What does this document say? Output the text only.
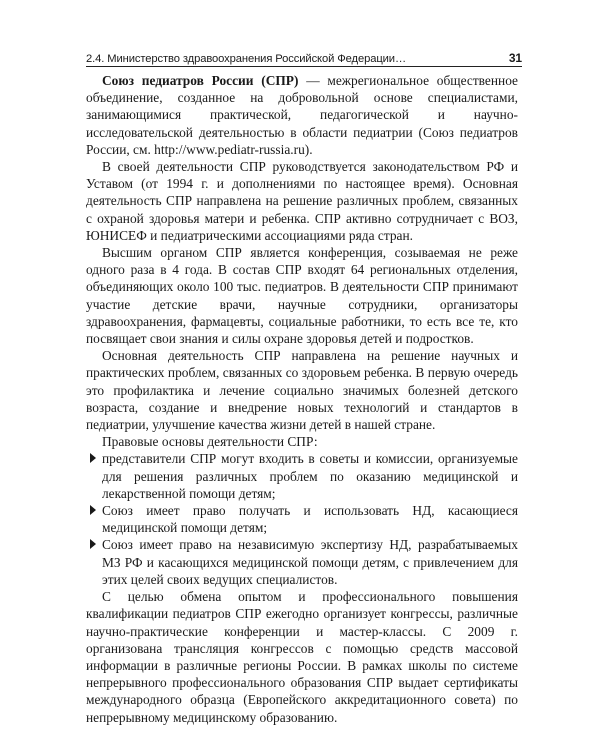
2.4. Министерство здравоохранения Российской Федерации…	31

Союз педиатров России (СПР) — межрегиональное общественное объединение, созданное на добровольной основе специалистами, занимающимися практической, педагогической и научно-исследовательской деятельностью в области педиатрии (Союз педиатров России, см. http://www.pediatr-russia.ru).

В своей деятельности СПР руководствуется законодательством РФ и Уставом (от 1994 г. и дополнениями по настоящее время). Основная деятельность СПР направлена на решение различных проблем, связанных с охраной здоровья матери и ребенка. СПР активно сотрудничает с ВОЗ, ЮНИСЕФ и педиатрическими ассоциациями ряда стран.

Высшим органом СПР является конференция, созываемая не реже одного раза в 4 года. В состав СПР входят 64 региональных отделения, объединяющих около 100 тыс. педиатров. В деятельности СПР принимают участие детские врачи, научные сотрудники, организаторы здравоохранения, фармацевты, социальные работники, то есть все те, кто посвящает свои знания и силы охране здоровья детей и подростков.

Основная деятельность СПР направлена на решение научных и практических проблем, связанных со здоровьем ребенка. В первую очередь это профилактика и лечение социально значимых болезней детского возраста, создание и внедрение новых технологий и стандартов в педиатрии, улучшение качества жизни детей в нашей стране.

Правовые основы деятельности СПР:

представители СПР могут входить в советы и комиссии, организуемые для решения различных проблем по оказанию медицинской и лекарственной помощи детям;
Союз имеет право получать и использовать НД, касающиеся медицинской помощи детям;
Союз имеет право на независимую экспертизу НД, разрабатываемых МЗ РФ и касающихся медицинской помощи детям, с привлечением для этих целей своих ведущих специалистов.

С целью обмена опытом и профессионального повышения квалификации педиатров СПР ежегодно организует конгрессы, различные научно-практические конференции и мастер-классы. С 2009 г. организована трансляция конгрессов с помощью средств массовой информации в различные регионы России. В рамках школы по системе непрерывного профессионального образования СПР выдает сертификаты международного образца (Европейского аккредитационного совета) по непрерывному медицинскому образованию.
